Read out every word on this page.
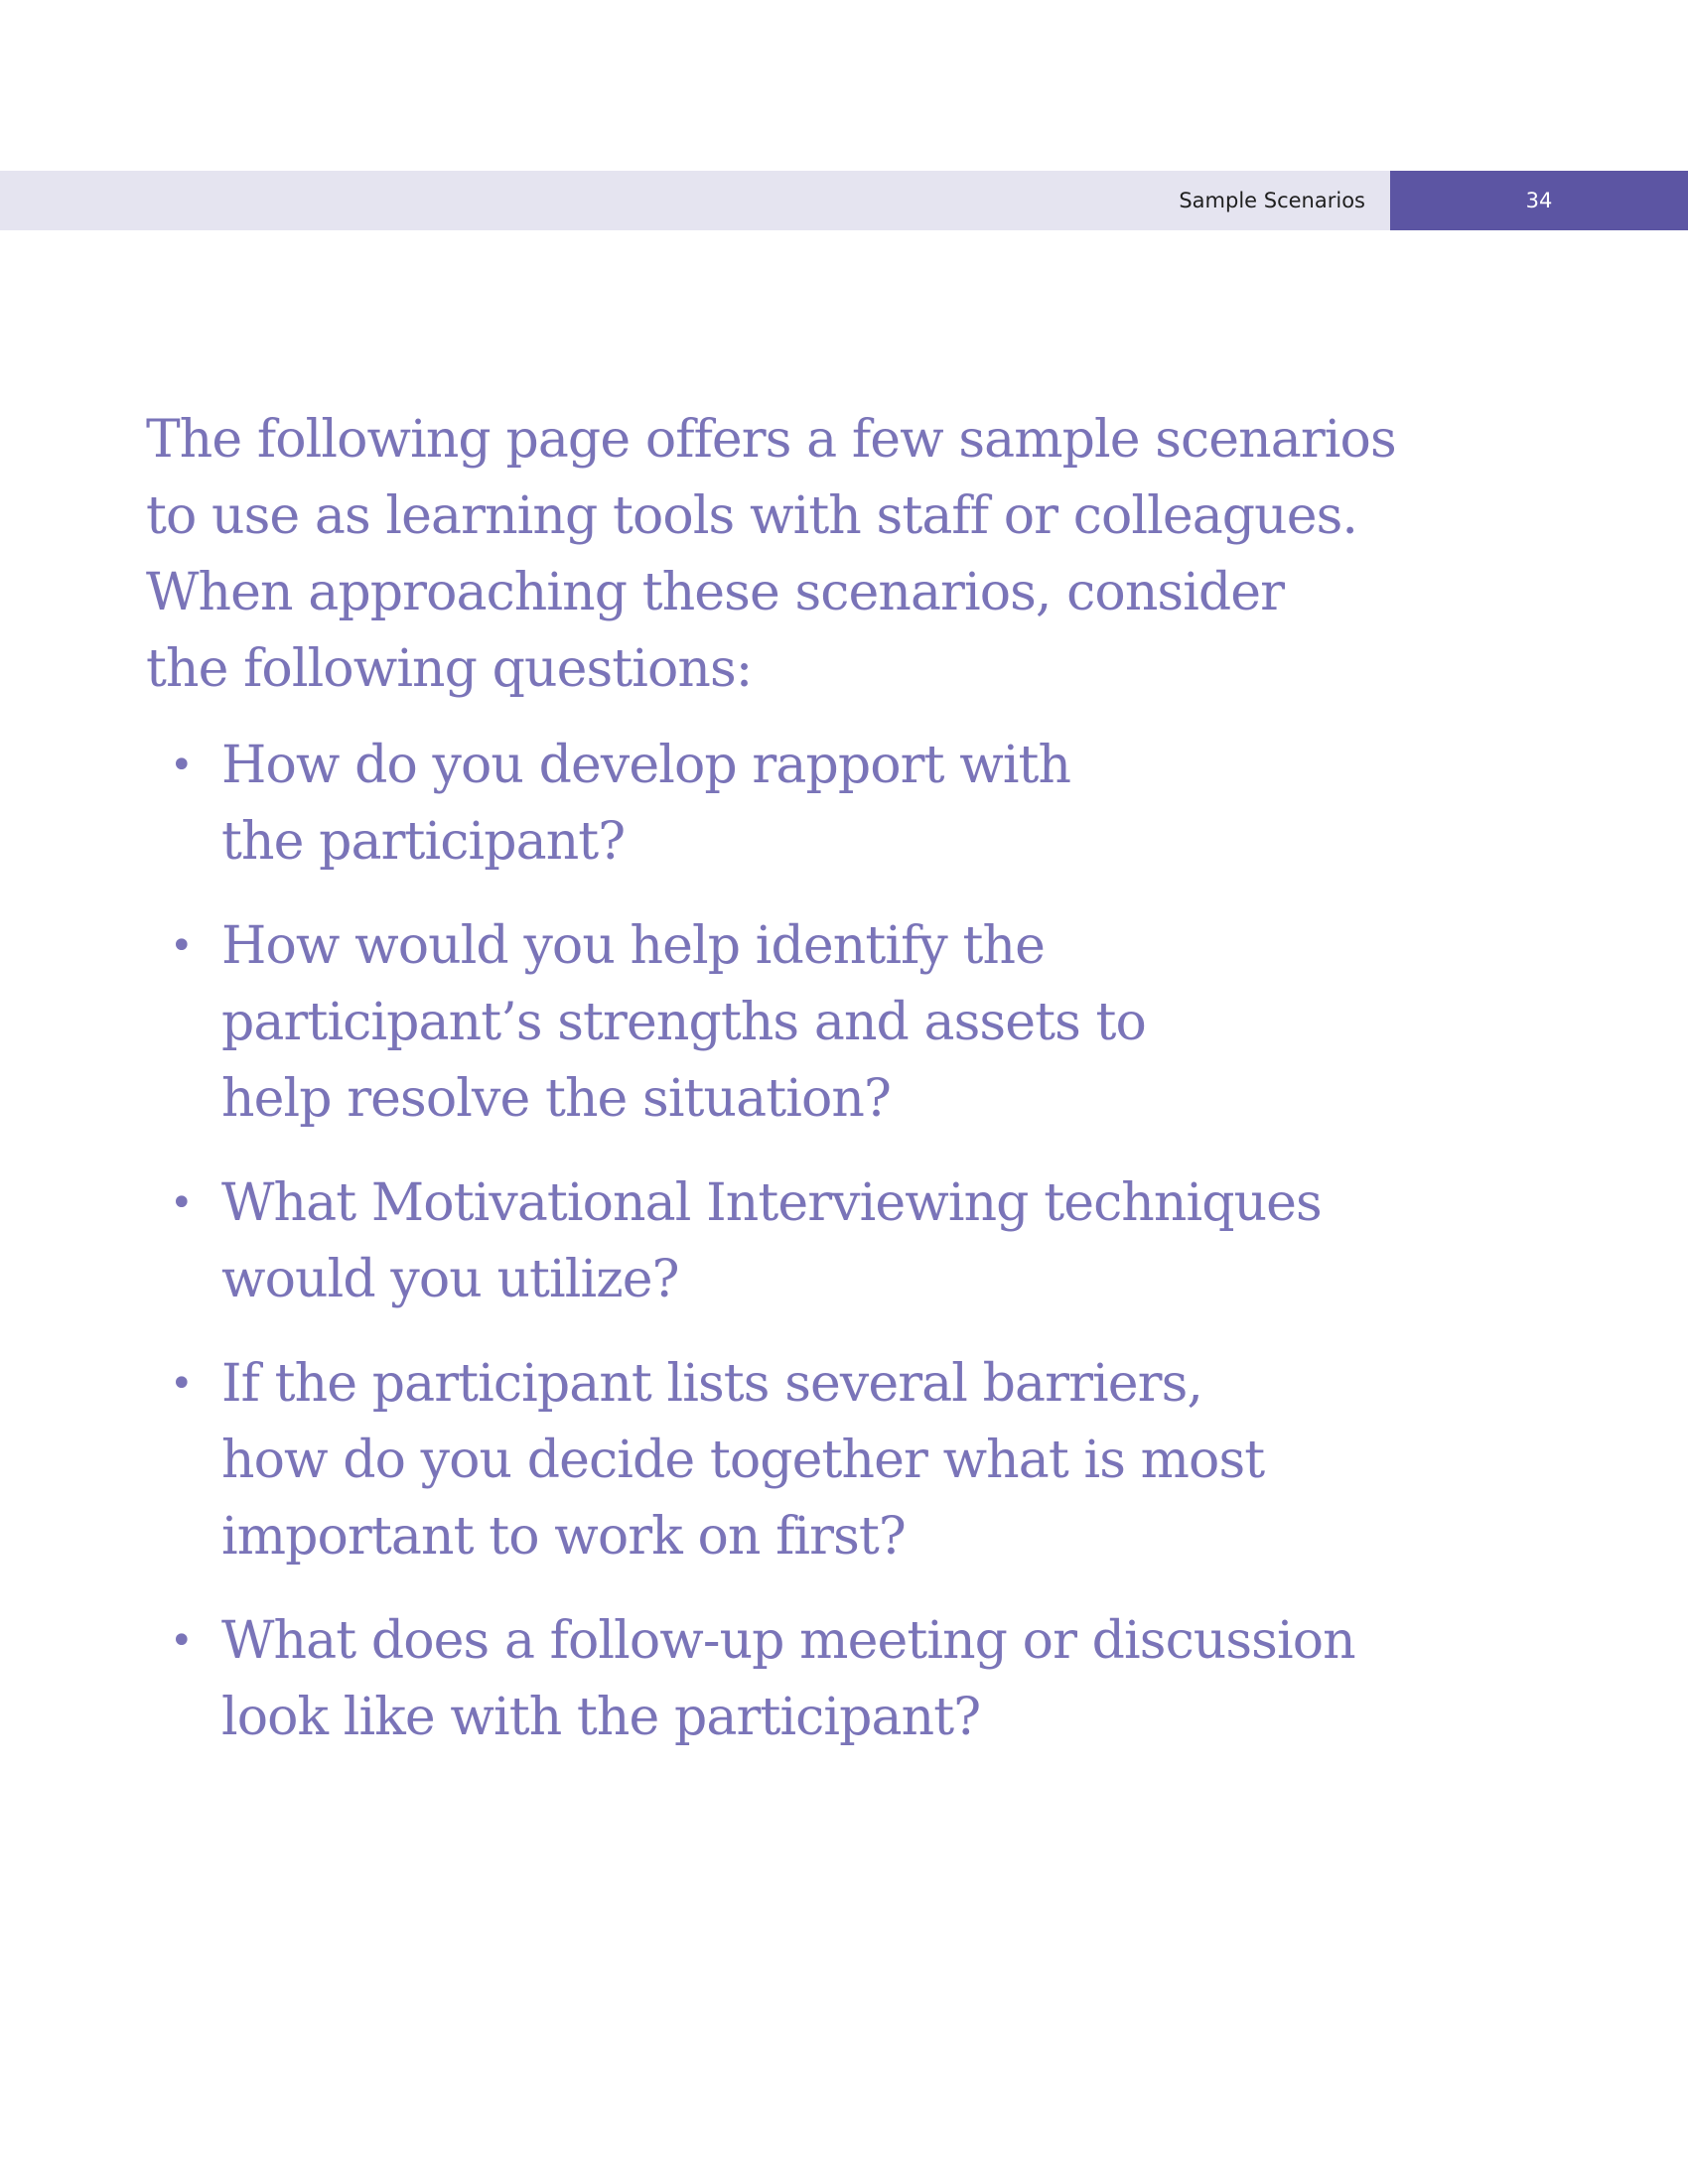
Sample Scenarios	34

The following page offers a few sample scenarios
to use as learning tools with staff or colleagues.
When approaching these scenarios, consider
the following questions:

• How do you develop rapport with
the participant?
• How would you help identify the
participant’s strengths and assets to
help resolve the situation?
• What Motivational Interviewing techniques
would you utilize?
• If the participant lists several barriers,
how do you decide together what is most
important to work on first?
• What does a follow-up meeting or discussion
look like with the participant?
